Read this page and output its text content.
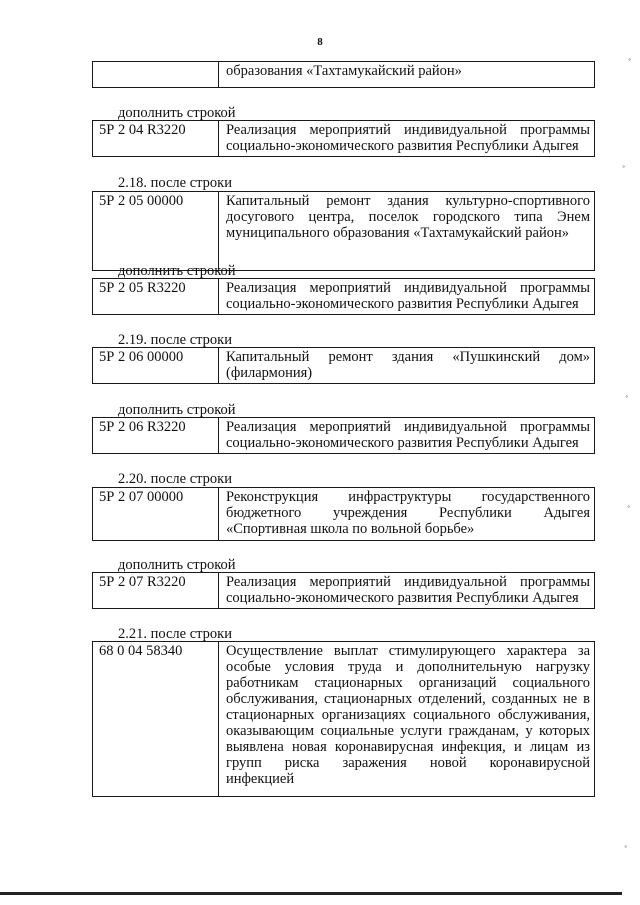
8
образования «Тахтамукайский район»
дополнить строкой
5Р 2 04 R3220	Реализация мероприятий индивидуальной программы
социально-экономического развития Республики Адыгея
2.18. после строки
5Р 2 05 00000	Капитальный ремонт здания культурно-спортивного
досугового центра, поселок городского типа Энем
муниципального образования «Тахтамукайский район»
дополнить строкой
5Р 2 05 R3220	Реализация мероприятий индивидуальной программы
социально-экономического развития Республики Адыгея
2.19. после строки
5Р 2 06 00000	Капитальный ремонт здания «Пушкинский дом»
(филармония)
дополнить строкой
5Р 2 06 R3220	Реализация мероприятий индивидуальной программы
социально-экономического развития Республики Адыгея
2.20. после строки
5Р 2 07 00000	Реконструкция инфраструктуры государственного
бюджетного учреждения Республики Адыгея
«Спортивная школа по вольной борьбе»
дополнить строкой
5Р 2 07 R3220	Реализация мероприятий индивидуальной программы
социально-экономического развития Республики Адыгея
2.21. после строки
68 0 04 58340	Осуществление выплат стимулирующего характера за
особые условия труда и дополнительную нагрузку
работникам стационарных организаций социального
обслуживания, стационарных отделений, созданных не в
стационарных организациях социального обслуживания,
оказывающим социальные услуги гражданам, у которых
выявлена новая коронавирусная инфекция, и лицам из
групп риска заражения новой коронавирусной
инфекцией
˚
˚
˚
˚
˚
